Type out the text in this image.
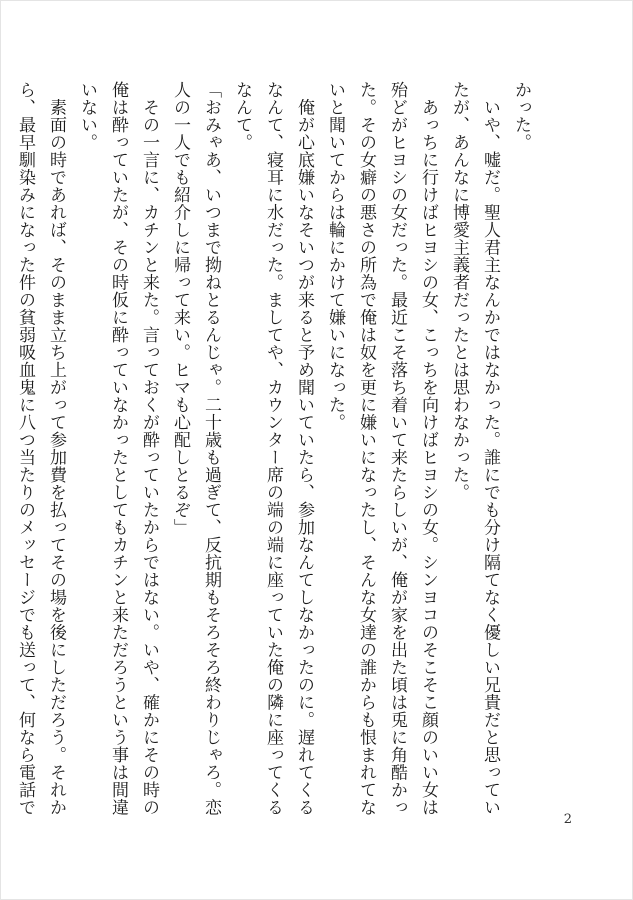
かった。

　いや、嘘だ。聖人君主なんかではなかった。誰にでも分け隔てなく優しい兄貴だと思っていたが、あんなに博愛主義者だったとは思わなかった。

　あっちに行けばヒヨシの女、こっちを向けばヒヨシの女。シンヨコのそこそこ顔のいい女は殆どがヒヨシの女だった。最近こそ落ち着いて来たらしいが、俺が家を出た頃は兎に角酷かった。その女癖の悪さの所為で俺は奴を更に嫌いになったし、そんな女達の誰からも恨まれてないと聞いてからは輪にかけて嫌いになった。

　俺が心底嫌いなそいつが来ると予め聞いていたら、参加なんてしなかったのに。遅れてくるなんて、寝耳に水だった。ましてや、カウンター席の端の端に座っていた俺の隣に座ってくるなんて。

「おみゃあ、いつまで拗ねとるんじゃ。二十歳も過ぎて、反抗期もそろそろ終わりじゃろ。恋人の一人でも紹介しに帰って来い。ヒマも心配しとるぞ」

　その一言に、カチンと来た。言っておくが酔っていたからではない。いや、確かにその時の俺は酔っていたが、その時仮に酔っていなかったとしてもカチンと来ただろうという事は間違いない。

　素面の時であれば、そのまま立ち上がって参加費を払ってその場を後にしただろう。それから、最早馴染みになった件の貧弱吸血鬼に八つ当たりのメッセージでも送って、何なら電話で

2
